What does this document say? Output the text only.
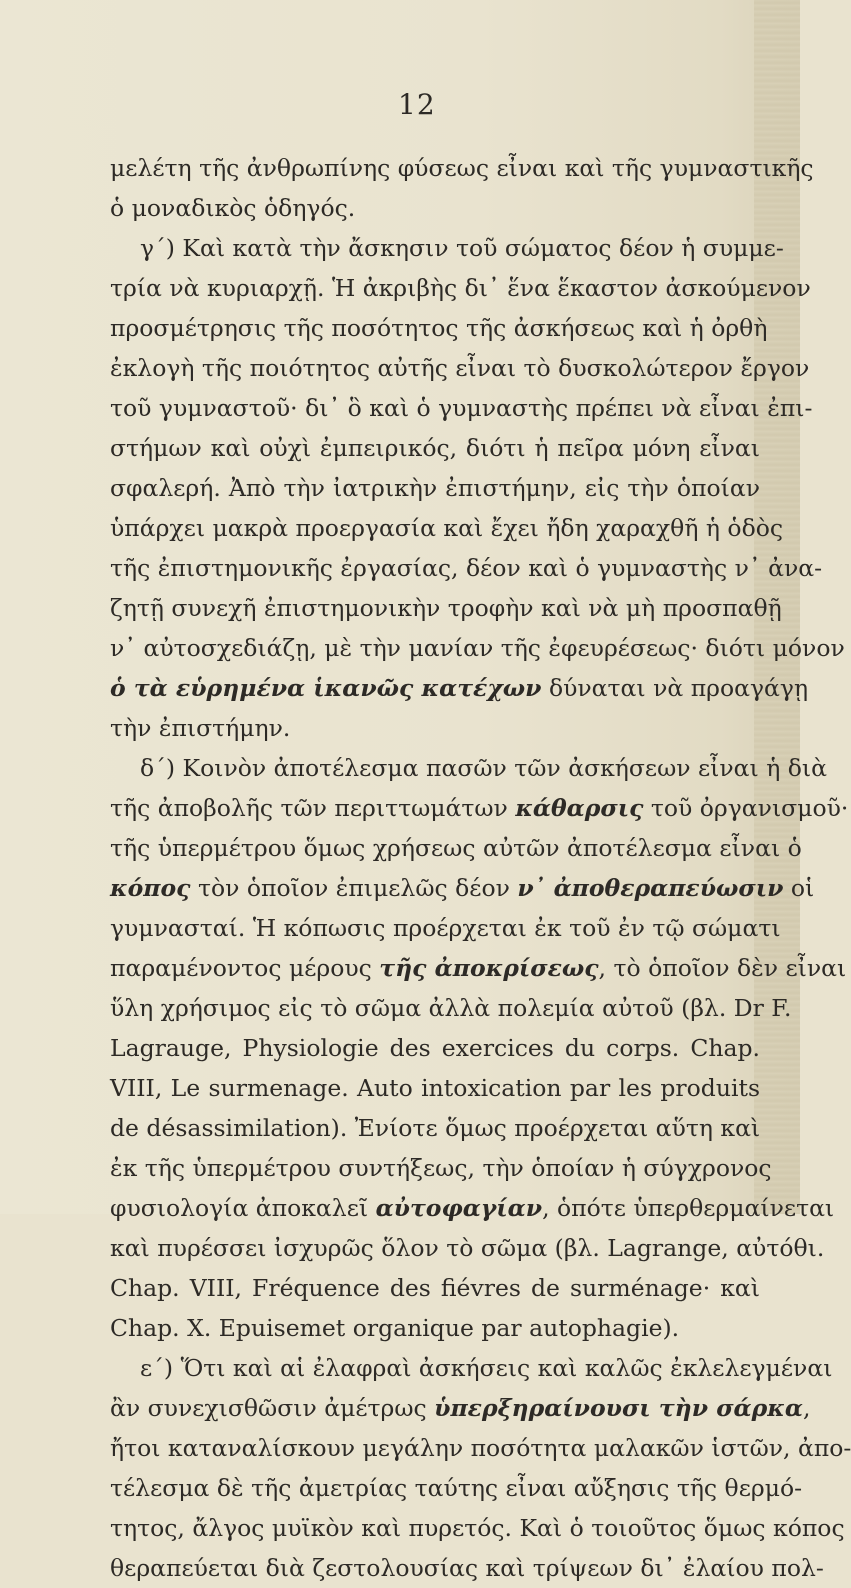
12
μελέτη τῆς ἀνθρωπίνης φύσεως εἶναι καὶ τῆς γυμναστικῆς
ὁ μοναδικὸς ὁδηγός.
γ΄) Καὶ κατὰ τὴν ἄσκησιν τοῦ σώματος δέον ἡ συμμε-
τρία νὰ κυριαρχῇ. Ἡ ἀκριβὴς δι᾽ ἕνα ἕκαστον ἀσκούμενον
προσμέτρησις τῆς ποσότητος τῆς ἀσκήσεως καὶ ἡ ὀρθὴ
ἐκλογὴ τῆς ποιότητος αὐτῆς εἶναι τὸ δυσκολώτερον ἔργον
τοῦ γυμναστοῦ· δι᾽ ὃ καὶ ὁ γυμναστὴς πρέπει νὰ εἶναι ἐπι-
στήμων καὶ οὐχὶ ἐμπειρικός, διότι ἡ πεῖρα μόνη εἶναι
σφαλερή. Ἀπὸ τὴν ἰατρικὴν ἐπιστήμην, εἰς τὴν ὁποίαν
ὑπάρχει μακρὰ προεργασία καὶ ἔχει ἤδη χαραχθῆ ἡ ὁδὸς
τῆς ἐπιστημονικῆς ἐργασίας, δέον καὶ ὁ γυμναστὴς ν᾽ ἀνα-
ζητῇ συνεχῆ ἐπιστημονικὴν τροφὴν καὶ νὰ μὴ προσπαθῇ
ν᾽ αὐτοσχεδιάζῃ, μὲ τὴν μανίαν τῆς ἐφευρέσεως· διότι μόνον
ὁ τὰ εὑρημένα ἱκανῶς κατέχων δύναται νὰ προαγάγῃ
τὴν ἐπιστήμην.
δ΄) Κοινὸν ἀποτέλεσμα πασῶν τῶν ἀσκήσεων εἶναι ἡ διὰ
τῆς ἀποβολῆς τῶν περιττωμάτων κάθαρσις τοῦ ὀργανισμοῦ·
τῆς ὑπερμέτρου ὅμως χρήσεως αὐτῶν ἀποτέλεσμα εἶναι ὁ
κόπος τὸν ὁποῖον ἐπιμελῶς δέον ν᾽ ἀποθεραπεύωσιν οἱ
γυμνασταί. Ἡ κόπωσις προέρχεται ἐκ τοῦ ἐν τῷ σώματι
παραμένοντος μέρους τῆς ἀποκρίσεως, τὸ ὁποῖον δὲν εἶναι
ὕλη χρήσιμος εἰς τὸ σῶμα ἀλλὰ πολεμία αὐτοῦ (βλ. Dr F.
Lagrauge, Physiologie des exercices du corps. Chap.
VIII, Le surmenage. Auto intoxication par les produits
de désassimilation). Ἐνίοτε ὅμως προέρχεται αὕτη καὶ
ἐκ τῆς ὑπερμέτρου συντήξεως, τὴν ὁποίαν ἡ σύγχρονος
φυσιολογία ἀποκαλεῖ αὐτοφαγίαν, ὁπότε ὑπερθερμαίνεται
καὶ πυρέσσει ἰσχυρῶς ὅλον τὸ σῶμα (βλ. Lagrange, αὐτόθι.
Chap. VIII, Fréquence des fiévres de surménage· καὶ
Chap. X. Epuisemet organique par autophagie).
ε΄) Ὅτι καὶ αἱ ἐλαφραὶ ἀσκήσεις καὶ καλῶς ἐκλελεγμέναι
ἂν συνεχισθῶσιν ἀμέτρως ὑπερξηραίνουσι τὴν σάρκα,
ἤτοι καταναλίσκουν μεγάλην ποσότητα μαλακῶν ἱστῶν, ἀπο-
τέλεσμα δὲ τῆς ἀμετρίας ταύτης εἶναι αὔξησις τῆς θερμό-
τητος, ἄλγος μυϊκὸν καὶ πυρετός. Καὶ ὁ τοιοῦτος ὅμως κόπος
θεραπεύεται διὰ ζεστολουσίας καὶ τρίψεων δι᾽ ἐλαίου πολ-
